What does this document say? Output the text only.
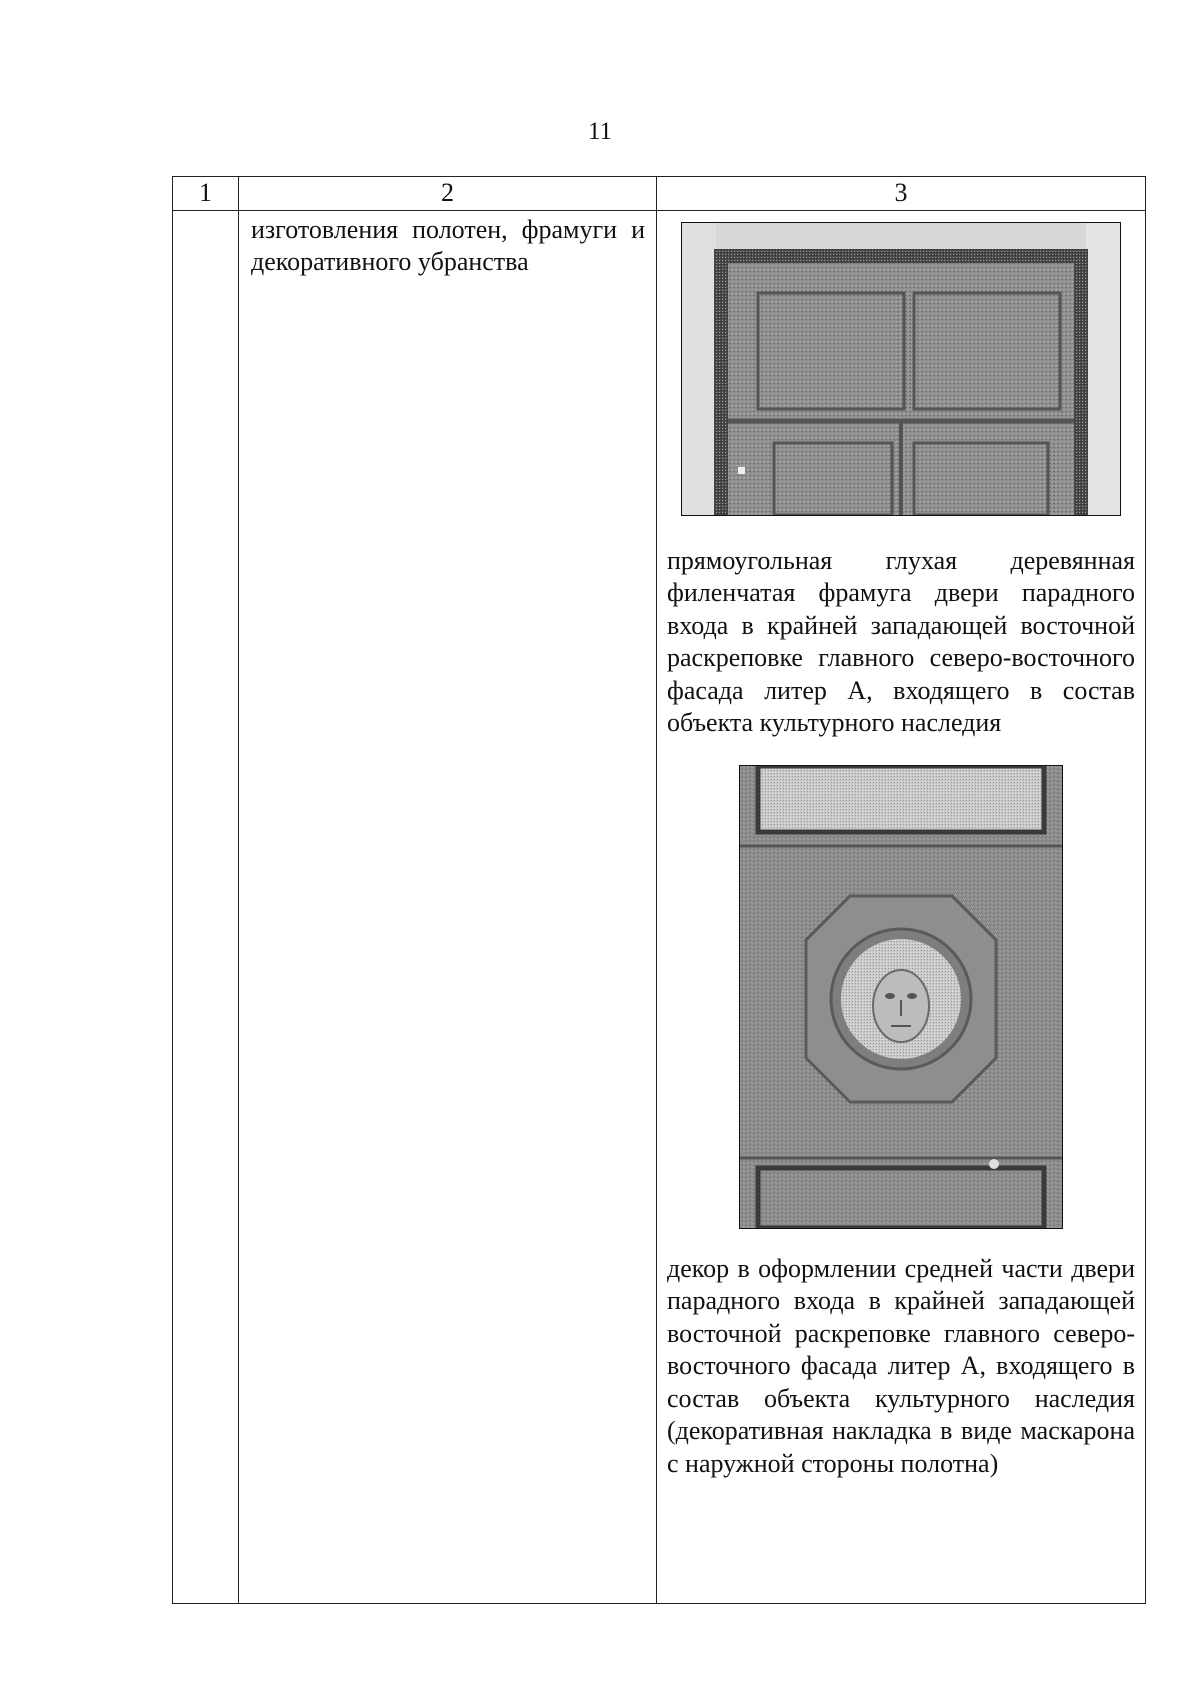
11
1	2	3

	изготовления полотен, фрамуги и декоративного убранства	прямоугольная глухая деревянная филенчатая фрамуга двери парадного входа в крайней западающей восточной раскреповке главного северо-восточного фасада литер А, входящего в состав объекта культурного наследия

декор в оформлении средней части двери парадного входа в крайней западающей восточной раскреповке главного северо-восточного фасада литер А, входящего в состав объекта культурного наследия (декоративная накладка в виде маскарона с наружной стороны полотна)
